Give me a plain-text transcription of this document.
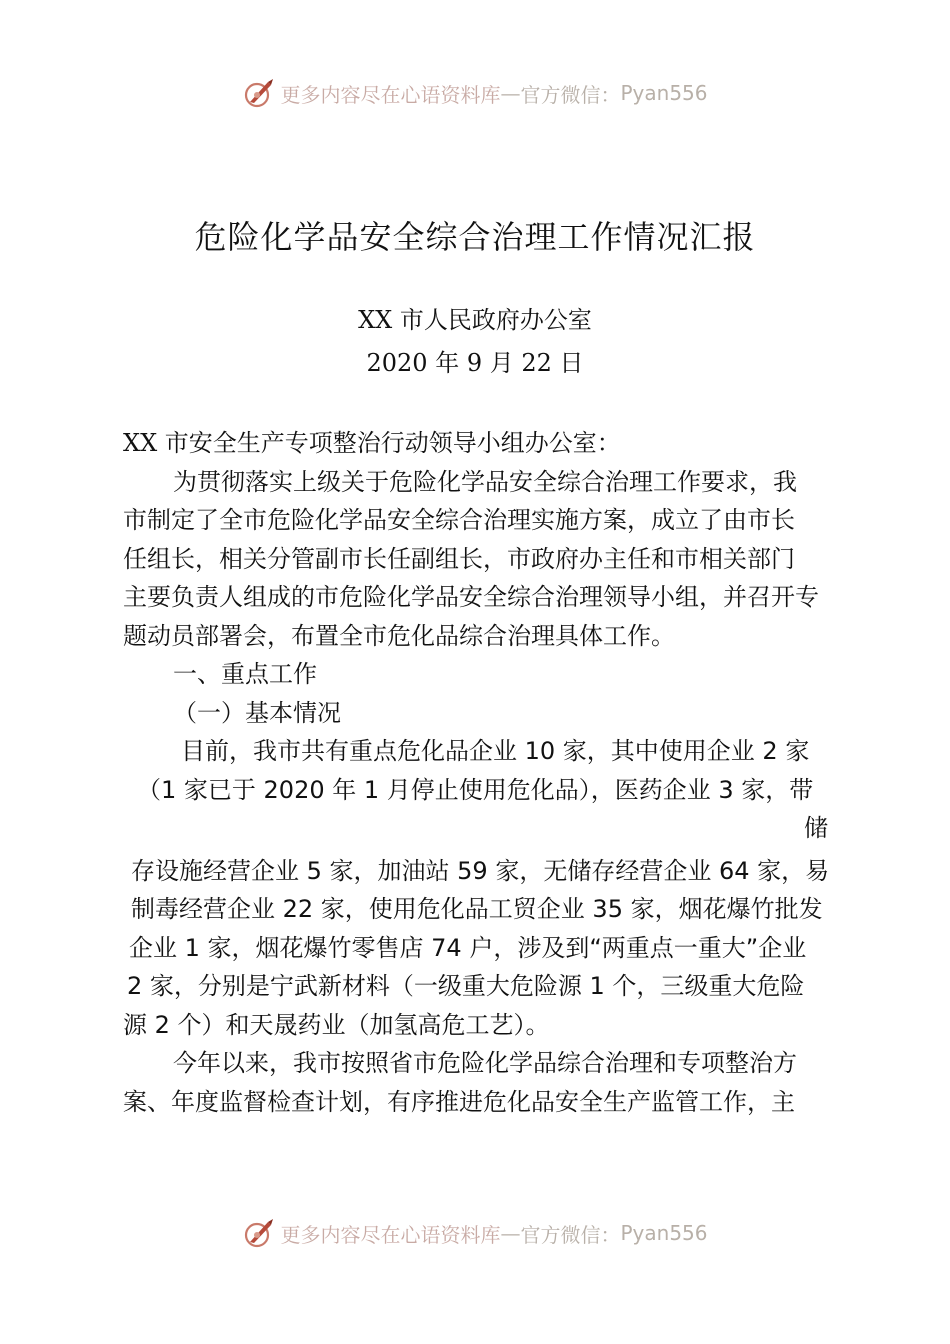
更多内容尽在心语资料库 — 官方微信： Pyan556
危险化学品安全综合治理工作情况汇报
XX 市人民政府办公室
2020 年 9 月 22 日

XX 市安全生产专项整治行动领导小组办公室：

为贯彻落实上级关于危险化学品安全综合治理工作要求，我
市制定了全市危险化学品安全综合治理实施方案，成立了由市长
任组长，相关分管副市长任副组长，市政府办主任和市相关部门
主要负责人组成的市危险化学品安全综合治理领导小组，并召开专
题动员部署会，布置全市危化品综合治理具体工作。

一、重点工作

（一）基本情况

目前，我市共有重点危化品企业 10 家，其中使用企业 2 家
（1 家已于 2020 年 1 月停止使用危化品），医药企业 3 家，带
储
存设施经营企业 5 家，加油站 59 家，无储存经营企业 64 家，易
制毒经营企业 22 家，使用危化品工贸企业 35 家，烟花爆竹批发
企业 1 家，烟花爆竹零售店 74 户，涉及到“两重点一重大”企业
2 家，分别是宁武新材料（一级重大危险源 1 个，三级重大危险
源 2 个）和天晟药业（加氢高危工艺）。

今年以来，我市按照省市危险化学品综合治理和专项整治方
案、年度监督检查计划，有序推进危化品安全生产监管工作，主

更多内容尽在心语资料库 — 官方微信： Pyan556
